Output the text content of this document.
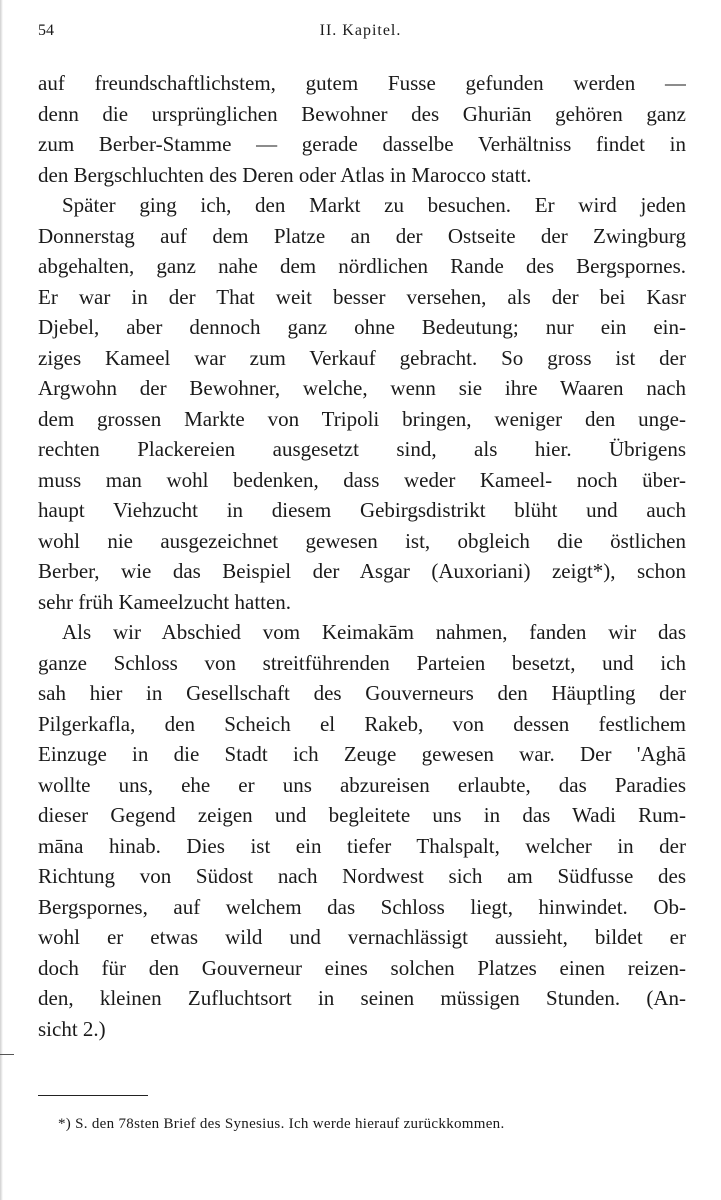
54	II. Kapitel.
auf freundschaftlichstem, gutem Fusse gefunden werden —
denn die ursprünglichen Bewohner des Ghuriān gehören ganz
zum Berber-Stamme — gerade dasselbe Verhältniss findet in
den Bergschluchten des Deren oder Atlas in Marocco statt.
Später ging ich, den Markt zu besuchen. Er wird jeden
Donnerstag auf dem Platze an der Ostseite der Zwingburg
abgehalten, ganz nahe dem nördlichen Rande des Bergspornes.
Er war in der That weit besser versehen, als der bei Kasr
Djebel, aber dennoch ganz ohne Bedeutung; nur ein ein-
ziges Kameel war zum Verkauf gebracht. So gross ist der
Argwohn der Bewohner, welche, wenn sie ihre Waaren nach
dem grossen Markte von Tripoli bringen, weniger den unge-
rechten Plackereien ausgesetzt sind, als hier. Übrigens
muss man wohl bedenken, dass weder Kameel- noch über-
haupt Viehzucht in diesem Gebirgsdistrikt blüht und auch
wohl nie ausgezeichnet gewesen ist, obgleich die östlichen
Berber, wie das Beispiel der Asgar (Auxoriani) zeigt*), schon
sehr früh Kameelzucht hatten.
Als wir Abschied vom Keimakām nahmen, fanden wir das
ganze Schloss von streitführenden Parteien besetzt, und ich
sah hier in Gesellschaft des Gouverneurs den Häuptling der
Pilgerkafla, den Scheich el Rakeb, von dessen festlichem
Einzuge in die Stadt ich Zeuge gewesen war. Der 'Aghā
wollte uns, ehe er uns abzureisen erlaubte, das Paradies
dieser Gegend zeigen und begleitete uns in das Wadi Rum-
māna hinab. Dies ist ein tiefer Thalspalt, welcher in der
Richtung von Südost nach Nordwest sich am Südfusse des
Bergspornes, auf welchem das Schloss liegt, hinwindet. Ob-
wohl er etwas wild und vernachlässigt aussieht, bildet er
doch für den Gouverneur eines solchen Platzes einen reizen-
den, kleinen Zufluchtsort in seinen müssigen Stunden. (An-
sicht 2.)
*) S. den 78sten Brief des Synesius. Ich werde hierauf zurückkommen.
